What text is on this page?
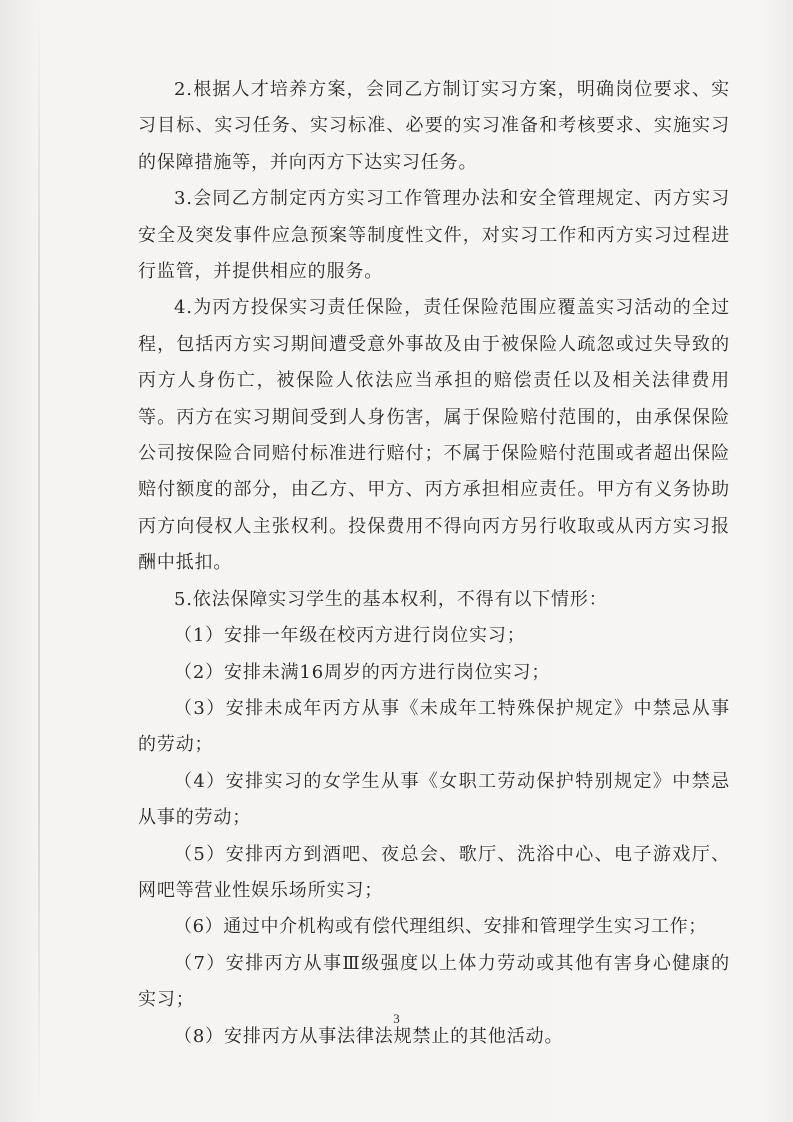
2.根据人才培养方案，会同乙方制订实习方案，明确岗位要求、实习目标、实习任务、实习标准、必要的实习准备和考核要求、实施实习的保障措施等，并向丙方下达实习任务。

3.会同乙方制定丙方实习工作管理办法和安全管理规定、丙方实习安全及突发事件应急预案等制度性文件，对实习工作和丙方实习过程进行监管，并提供相应的服务。

4.为丙方投保实习责任保险，责任保险范围应覆盖实习活动的全过程，包括丙方实习期间遭受意外事故及由于被保险人疏忽或过失导致的丙方人身伤亡，被保险人依法应当承担的赔偿责任以及相关法律费用等。丙方在实习期间受到人身伤害，属于保险赔付范围的，由承保保险公司按保险合同赔付标准进行赔付；不属于保险赔付范围或者超出保险赔付额度的部分，由乙方、甲方、丙方承担相应责任。甲方有义务协助丙方向侵权人主张权利。投保费用不得向丙方另行收取或从丙方实习报酬中抵扣。

5.依法保障实习学生的基本权利，不得有以下情形：

（1）安排一年级在校丙方进行岗位实习；

（2）安排未满16周岁的丙方进行岗位实习；

（3）安排未成年丙方从事《未成年工特殊保护规定》中禁忌从事的劳动；

（4）安排实习的女学生从事《女职工劳动保护特别规定》中禁忌从事的劳动；

（5）安排丙方到酒吧、夜总会、歌厅、洗浴中心、电子游戏厅、网吧等营业性娱乐场所实习；

（6）通过中介机构或有偿代理组织、安排和管理学生实习工作；

（7）安排丙方从事Ⅲ级强度以上体力劳动或其他有害身心健康的实习；

（8）安排丙方从事法律法规禁止的其他活动。

3
